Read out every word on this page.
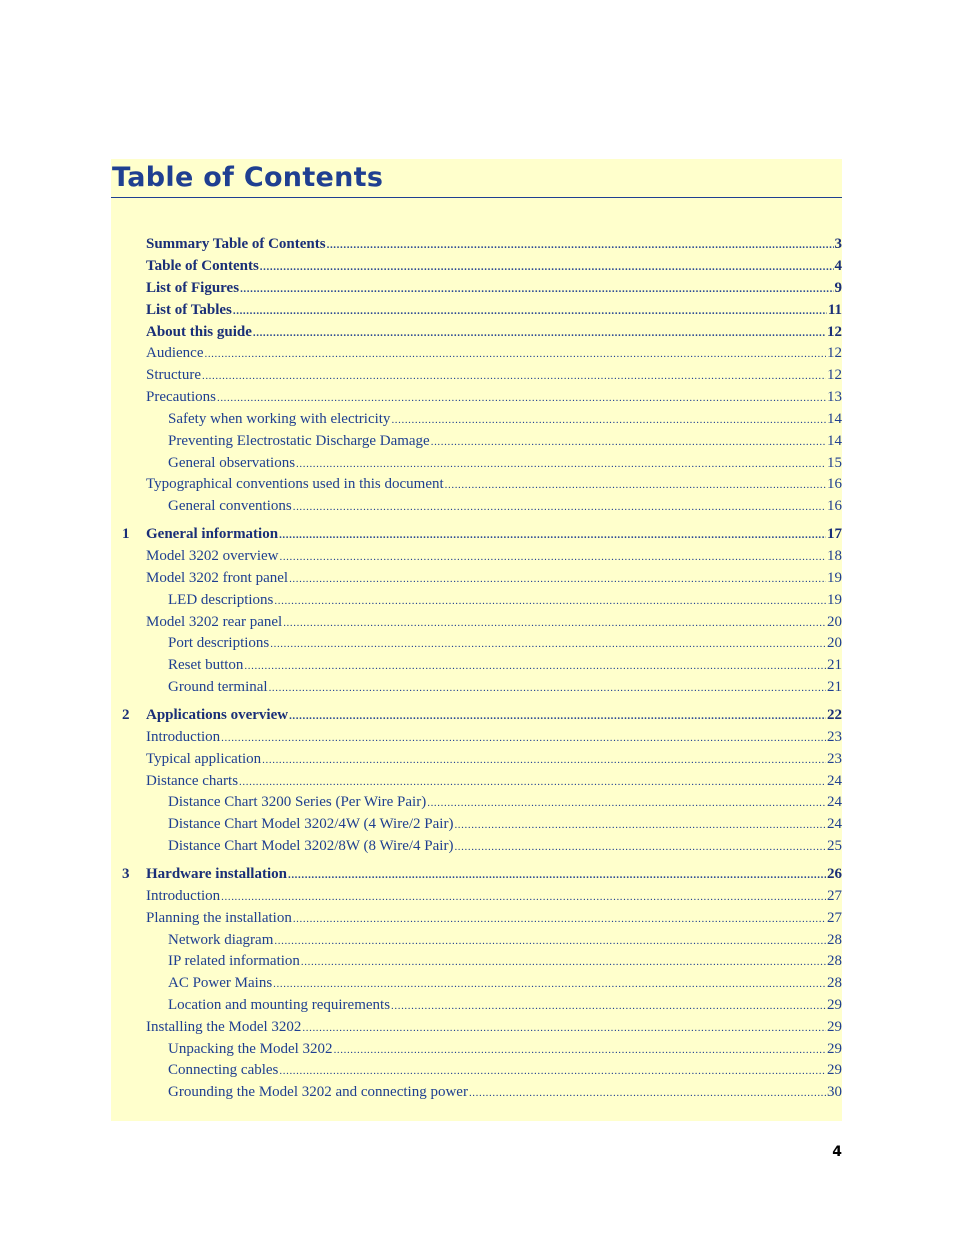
Table of Contents
Summary Table of Contents .....	3
Table of Contents .....	4
List of Figures .....	9
List of Tables .....	11
About this guide .....	12
Audience .....	12
Structure .....	12
Precautions .....	13
Safety when working with electricity .....	14
Preventing Electrostatic Discharge Damage .....	14
General observations .....	15
Typographical conventions used in this document .....	16
General conventions .....	16
1 General information .....	17
Model 3202 overview .....	18
Model 3202 front panel .....	19
LED descriptions .....	19
Model 3202 rear panel .....	20
Port descriptions .....	20
Reset button .....	21
Ground terminal .....	21
2 Applications overview .....	22
Introduction .....	23
Typical application .....	23
Distance charts .....	24
Distance Chart 3200 Series (Per Wire Pair) .....	24
Distance Chart Model 3202/4W (4 Wire/2 Pair) .....	24
Distance Chart Model 3202/8W (8 Wire/4 Pair) .....	25
3 Hardware installation .....	26
Introduction .....	27
Planning the installation .....	27
Network diagram .....	28
IP related information .....	28
AC Power Mains .....	28
Location and mounting requirements .....	29
Installing the Model 3202 .....	29
Unpacking the Model 3202 .....	29
Connecting cables .....	29
Grounding the Model 3202 and connecting power .....	30
4
